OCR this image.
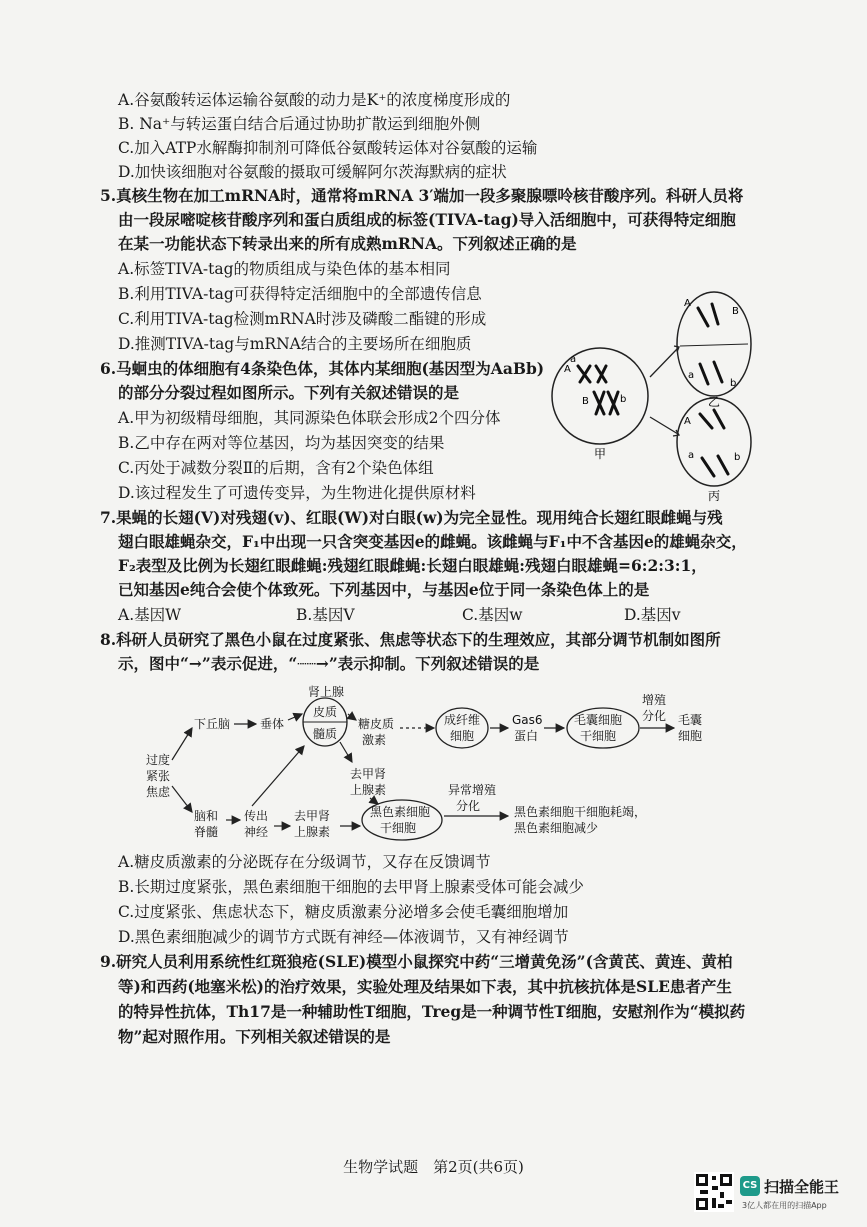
A.谷氨酸转运体运输谷氨酸的动力是K⁺的浓度梯度形成的
B. Na⁺与转运蛋白结合后通过协助扩散运到细胞外侧
C.加入ATP水解酶抑制剂可降低谷氨酸转运体对谷氨酸的运输
D.加快该细胞对谷氨酸的摄取可缓解阿尔茨海默病的症状
5.真核生物在加工mRNA时，通常将mRNA 3′端加一段多聚腺嘌呤核苷酸序列。科研人员将
由一段尿嘧啶核苷酸序列和蛋白质组成的标签(TIVA-tag)导入活细胞中，可获得特定细胞
在某一功能状态下转录出来的所有成熟mRNA。下列叙述正确的是
A.标签TIVA-tag的物质组成与染色体的基本相同
B.利用TIVA-tag可获得特定活细胞中的全部遗传信息
C.利用TIVA-tag检测mRNA时涉及磷酸二酯键的形成
D.推测TIVA-tag与mRNA结合的主要场所在细胞质
6.马蛔虫的体细胞有4条染色体，其体内某细胞(基因型为AaBb)
的部分分裂过程如图所示。下列有关叙述错误的是
A.甲为初级精母细胞，其同源染色体联会形成2个四分体
B.乙中存在两对等位基因，均为基因突变的结果
C.丙处于减数分裂Ⅱ的后期，含有2个染色体组
D.该过程发生了可遗传变异，为生物进化提供原材料
A
a
B	b
甲
A
B
a
b
乙
A
a	b
丙
7.果蝇的长翅(V)对残翅(v)、红眼(W)对白眼(w)为完全显性。现用纯合长翅红眼雌蝇与残
翅白眼雄蝇杂交，F₁中出现一只含突变基因e的雌蝇。该雌蝇与F₁中不含基因e的雄蝇杂交，
F₂表型及比例为长翅红眼雌蝇:残翅红眼雌蝇:长翅白眼雄蝇:残翅白眼雄蝇=6:2:3:1，
已知基因e纯合会使个体致死。下列基因中，与基因e位于同一条染色体上的是
A.基因W	B.基因V	C.基因w	D.基因v
8.科研人员研究了黑色小鼠在过度紧张、焦虑等状态下的生理效应，其部分调节机制如图所
示，图中“→”表示促进，“┈┈→”表示抑制。下列叙述错误的是
过度
紧张
焦虑
下丘脑 垂体
肾上腺
皮质
髓质
糖皮质
激素
去甲肾
上腺素
成纤维
细胞
Gas6
蛋白
毛囊细胞
干细胞
增殖
分化 毛囊
细胞
脑和
脊髓
传出
神经
去甲肾
上腺素
黑色素细胞
干细胞
异常增殖
分化	黑色素细胞干细胞耗竭，
黑色素细胞减少
A.糖皮质激素的分泌既存在分级调节，又存在反馈调节
B.长期过度紧张，黑色素细胞干细胞的去甲肾上腺素受体可能会减少
C.过度紧张、焦虑状态下，糖皮质激素分泌增多会使毛囊细胞增加
D.黑色素细胞减少的调节方式既有神经—体液调节，又有神经调节
9.研究人员利用系统性红斑狼疮(SLE)模型小鼠探究中药“三增黄免汤”(含黄芪、黄连、黄柏
等)和西药(地塞米松)的治疗效果，实验处理及结果如下表，其中抗核抗体是SLE患者产生
的特异性抗体，Th17是一种辅助性T细胞，Treg是一种调节性T细胞，安慰剂作为“模拟药
物”起对照作用。下列相关叙述错误的是
生物学试题　第2页(共6页)
CS 扫描全能王
3亿人都在用的扫描App
